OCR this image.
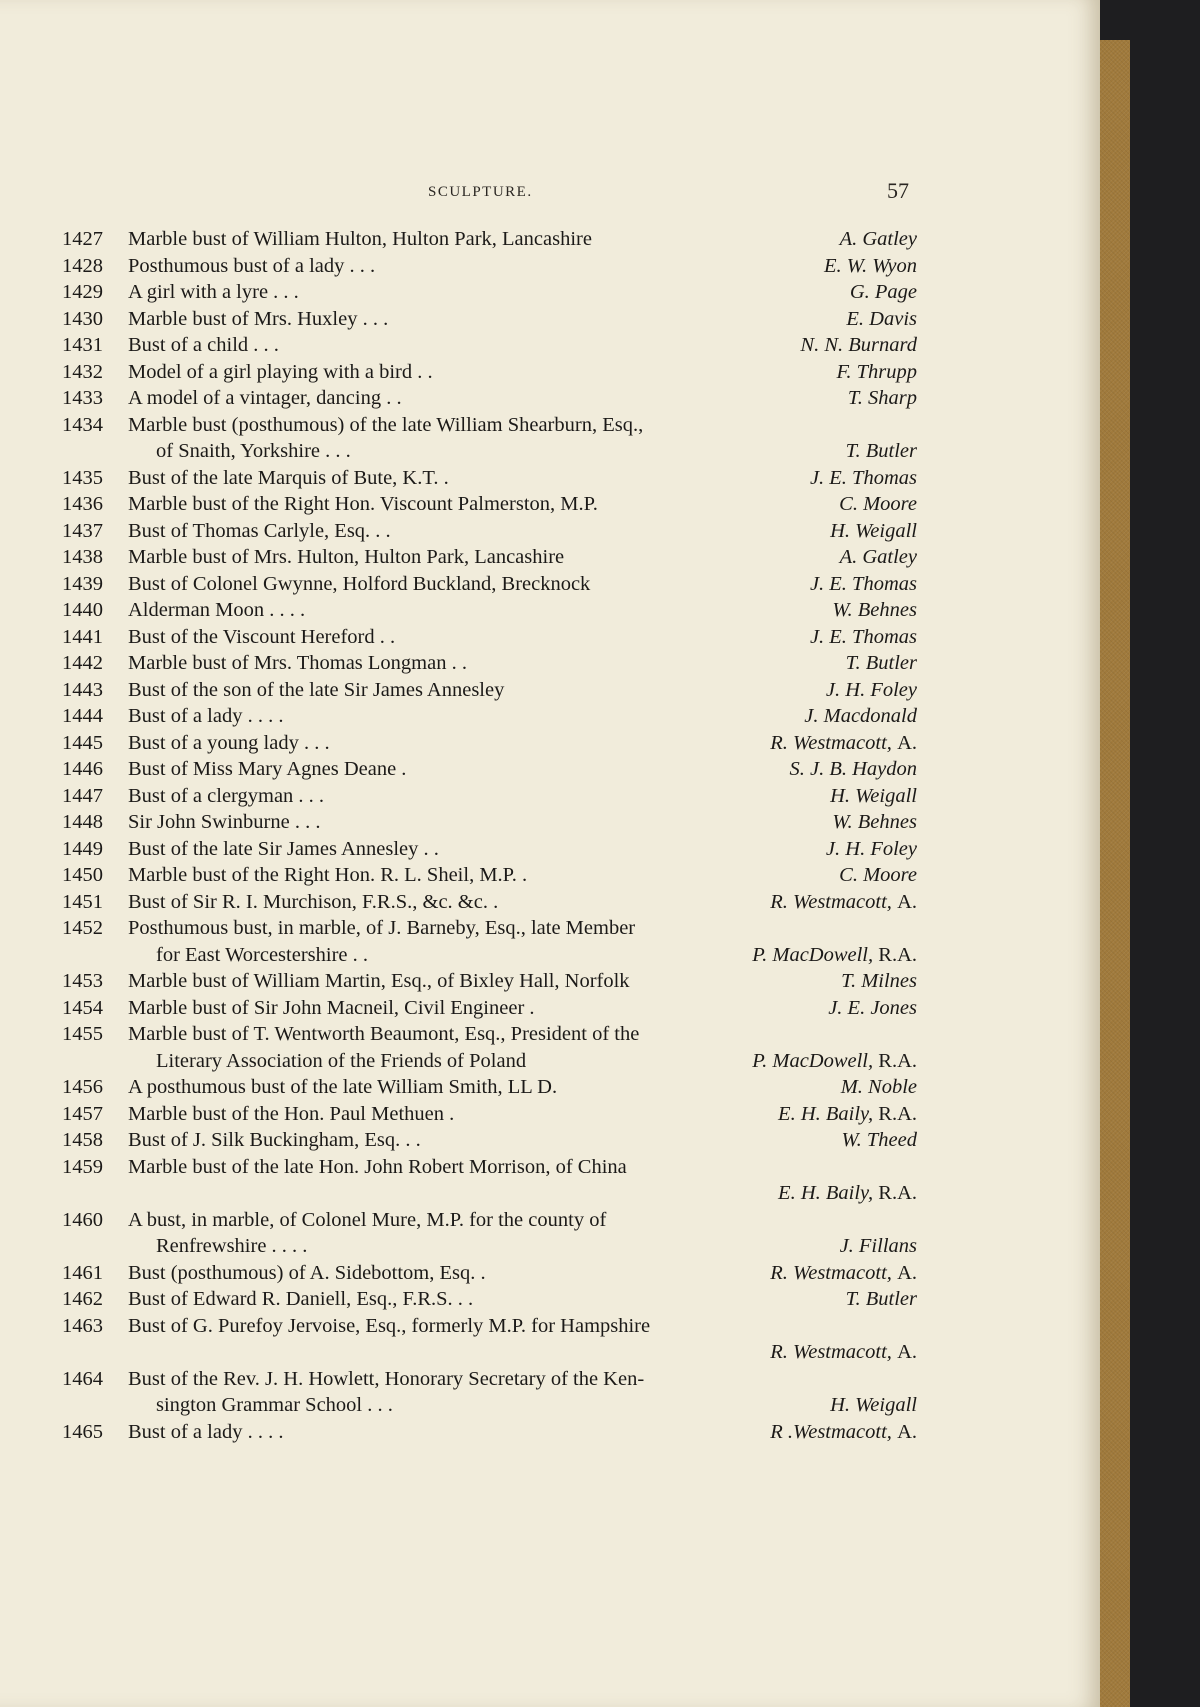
SCULPTURE.	57
1427	Marble bust of William Hulton, Hulton Park, Lancashire	A. Gatley
1428	Posthumous bust of a lady . . .	E. W. Wyon
1429	A girl with a lyre . . .	G. Page
1430	Marble bust of Mrs. Huxley . . .	E. Davis
1431	Bust of a child . . .	N. N. Burnard
1432	Model of a girl playing with a bird . .	F. Thrupp
1433	A model of a vintager, dancing . .	T. Sharp
1434	Marble bust (posthumous) of the late William Shearburn, Esq.,
of Snaith, Yorkshire . . .	T. Butler
1435	Bust of the late Marquis of Bute, K.T. .	J. E. Thomas
1436	Marble bust of the Right Hon. Viscount Palmerston, M.P.	C. Moore
1437	Bust of Thomas Carlyle, Esq. . .	H. Weigall
1438	Marble bust of Mrs. Hulton, Hulton Park, Lancashire	A. Gatley
1439	Bust of Colonel Gwynne, Holford Buckland, Brecknock	J. E. Thomas
1440	Alderman Moon . . . .	W. Behnes
1441	Bust of the Viscount Hereford . .	J. E. Thomas
1442	Marble bust of Mrs. Thomas Longman . .	T. Butler
1443	Bust of the son of the late Sir James Annesley	J. H. Foley
1444	Bust of a lady . . . .	J. Macdonald
1445	Bust of a young lady . . .	R. Westmacott, A.
1446	Bust of Miss Mary Agnes Deane .	S. J. B. Haydon
1447	Bust of a clergyman . . .	H. Weigall
1448	Sir John Swinburne . . .	W. Behnes
1449	Bust of the late Sir James Annesley . .	J. H. Foley
1450	Marble bust of the Right Hon. R. L. Sheil, M.P. .	C. Moore
1451	Bust of Sir R. I. Murchison, F.R.S., &c. &c. .	R. Westmacott, A.
1452	Posthumous bust, in marble, of J. Barneby, Esq., late Member
for East Worcestershire . .	P. MacDowell, R.A.
1453	Marble bust of William Martin, Esq., of Bixley Hall, Norfolk	T. Milnes
1454	Marble bust of Sir John Macneil, Civil Engineer .	J. E. Jones
1455	Marble bust of T. Wentworth Beaumont, Esq., President of the
Literary Association of the Friends of Poland	P. MacDowell, R.A.
1456	A posthumous bust of the late William Smith, LL D.	M. Noble
1457	Marble bust of the Hon. Paul Methuen .	E. H. Baily, R.A.
1458	Bust of J. Silk Buckingham, Esq. . .	W. Theed
1459	Marble bust of the late Hon. John Robert Morrison, of China
E. H. Baily, R.A.
1460	A bust, in marble, of Colonel Mure, M.P. for the county of
Renfrewshire . . . .	J. Fillans
1461	Bust (posthumous) of A. Sidebottom, Esq. .	R. Westmacott, A.
1462	Bust of Edward R. Daniell, Esq., F.R.S. . .	T. Butler
1463	Bust of G. Purefoy Jervoise, Esq., formerly M.P. for Hampshire
R. Westmacott, A.
1464	Bust of the Rev. J. H. Howlett, Honorary Secretary of the Ken-
sington Grammar School . . .	H. Weigall
1465	Bust of a lady . . . .	R .Westmacott, A.
